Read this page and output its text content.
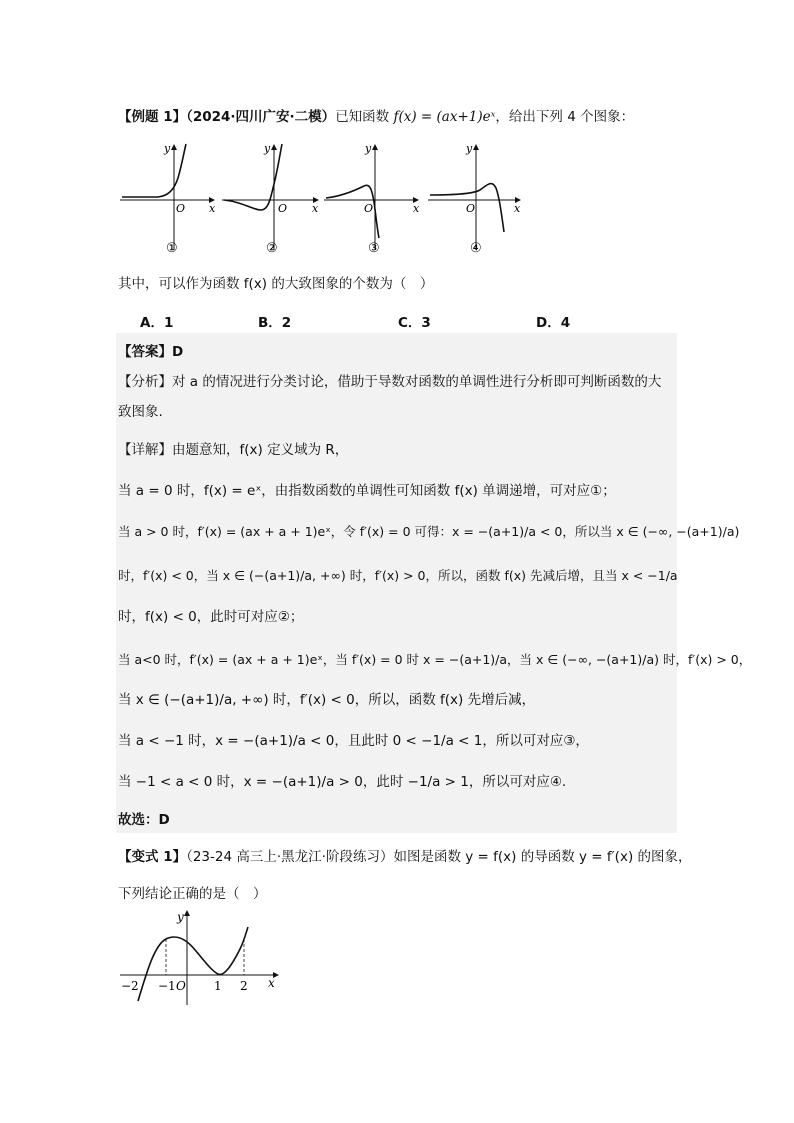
【例题 1】（2024·四川广安·二模）已知函数 f(x) = (ax+1)eˣ，给出下列 4 个图象：
y
x
O
①
y
x
O
②
y
x
O
③
y
x
O
④
其中，可以作为函数 f(x) 的大致图象的个数为（　）
A．1	B．2	C．3	D．4
【答案】D
【分析】对 a 的情况进行分类讨论，借助于导数对函数的单调性进行分析即可判断函数的大
致图象.
【详解】由题意知，f(x) 定义域为 R，
当 a = 0 时，f(x) = eˣ，由指数函数的单调性可知函数 f(x) 单调递增，可对应①；
当 a > 0 时，f′(x) = (ax + a + 1)eˣ，令 f′(x) = 0 可得：x = −(a+1)/a < 0，所以当 x ∈ (−∞, −(a+1)/a)
时，f′(x) < 0，当 x ∈ (−(a+1)/a, +∞) 时，f′(x) > 0，所以，函数 f(x) 先减后增，且当 x < −1/a
时，f(x) < 0，此时可对应②；
当 a<0 时，f′(x) = (ax + a + 1)eˣ，当 f′(x) = 0 时 x = −(a+1)/a，当 x ∈ (−∞, −(a+1)/a) 时，f′(x) > 0，
当 x ∈ (−(a+1)/a, +∞) 时，f′(x) < 0，所以，函数 f(x) 先增后减，
当 a < −1 时，x = −(a+1)/a < 0，且此时 0 < −1/a < 1，所以可对应③，
当 −1 < a < 0 时，x = −(a+1)/a > 0，此时 −1/a > 1，所以可对应④.
故选：D
【变式 1】（23-24 高三上·黑龙江·阶段练习）如图是函数 y = f(x) 的导函数 y = f′(x) 的图象，
下列结论正确的是（　）
y
x
−2 −1 O 1 2
